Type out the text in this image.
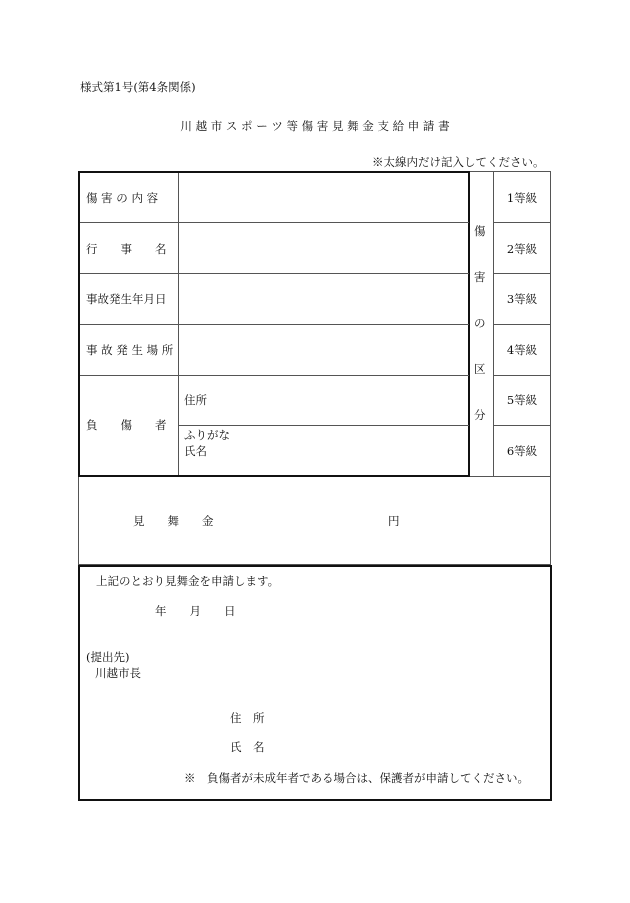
様式第1号(第4条関係)
川 越 市 ス ポ ー ツ 等 傷 害 見 舞 金 支 給 申 請 書
※太線内だけ記入してください。
傷 害 の 内 容
行　　事　　名
事故発生年月日
事 故 発 生 場 所
負　　傷　　者
住所
ふりがな
氏名
傷
害
の
区
分
1等級
2等級
3等級
4等級
5等級
6等級
見　　舞　　金	円
上記のとおり見舞金を申請します。
年　　月　　日
(提出先)
川越市長
住　所
氏　名
※　負傷者が未成年者である場合は、保護者が申請してください。
